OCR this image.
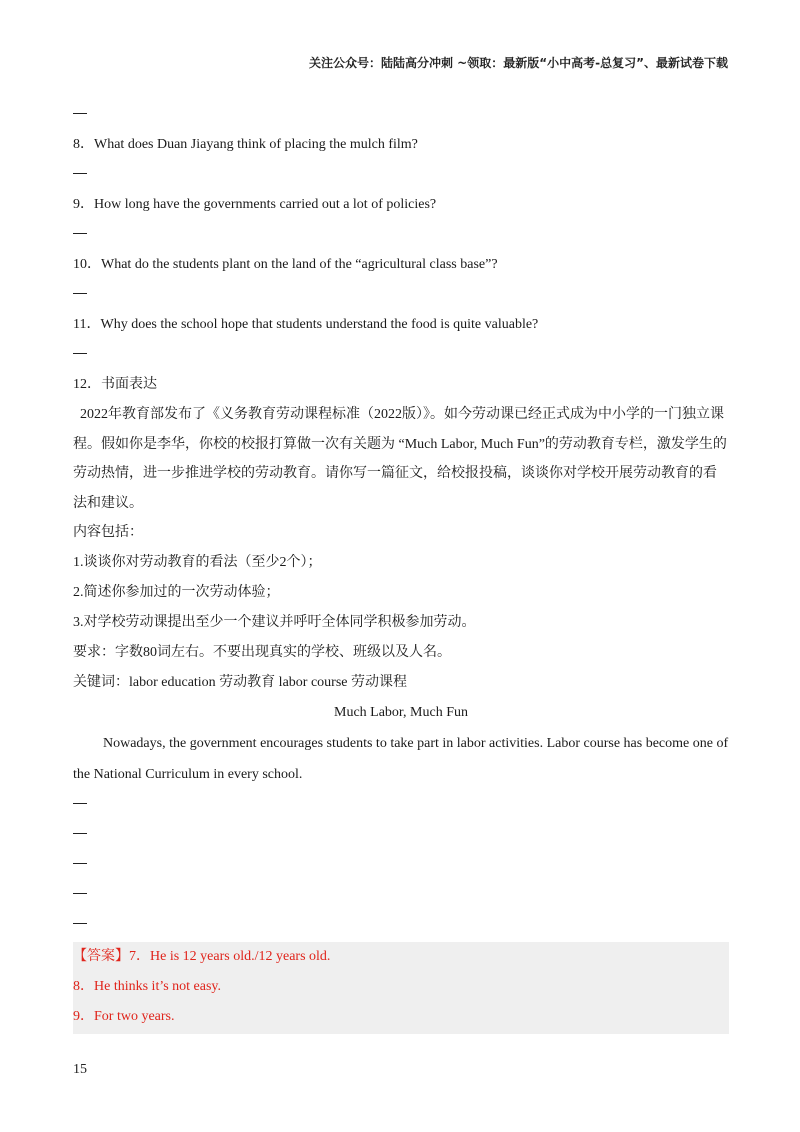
关注公众号：陆陆高分冲刺 ~领取：最新版“小中高考-总复习”、最新试卷下载
8．What does Duan Jiayang think of placing the mulch film?
9．How long have the governments carried out a lot of policies?
10．What do the students plant on the land of the “agricultural class base”?
11．Why does the school hope that students understand the food is quite valuable?
12．书面表达
2022年教育部发布了《义务教育劳动课程标准（2022版）》。如今劳动课已经正式成为中小学的一门独立课程。假如你是李华，你校的校报打算做一次有关题为 “Much Labor, Much Fun”的劳动教育专栏，激发学生的劳动热情，进一步推进学校的劳动教育。请你写一篇征文，给校报投稿，谈谈你对学校开展劳动教育的看法和建议。
内容包括：
1.谈谈你对劳动教育的看法（至少2个）；
2.简述你参加过的一次劳动体验；
3.对学校劳动课提出至少一个建议并呼吁全体同学积极参加劳动。
要求：字数80词左右。不要出现真实的学校、班级以及人名。
关键词：labor education 劳动教育 labor course 劳动课程
Much Labor, Much Fun
Nowadays, the government encourages students to take part in labor activities. Labor course has become one of the National Curriculum in every school.
【答案】7．He is 12 years old./12 years old.
8．He thinks it’s not easy.
9．For two years.
15
